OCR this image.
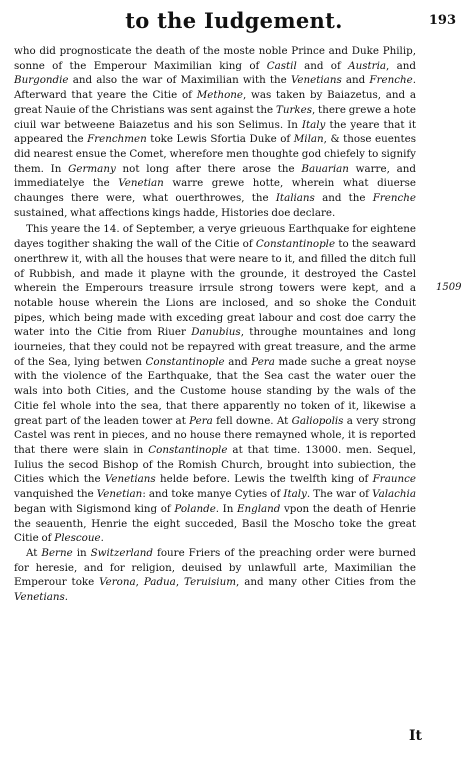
to the Iudgement.	193

who did prognosticate the death of the moste noble Prince and Duke Philip, sonne of the Emperour Maximilian king of Castil and of Austria, and Burgondie and also the war of Maximilian with the Venetians and Frenche. Afterward that yeare the Citie of Methone, was taken by Baiazetus, and a great Nauie of the Christians was sent against the Turkes, there grewe a hote ciuil war betweene Baiazetus and his son Selimus. In Italy the yeare that it appeared the Frenchmen toke Lewis Sfortia Duke of Milan, & those euentes did nearest ensue the Comet, wherefore men thoughte god chiefely to signify them. In Germany not long after there arose the Bauarian warre, and immediatelye the Venetian warre grewe hotte, wherein what diuerse chaunges there were, what ouerthrowes, the Italians and the Frenche sustained, what affections kings hadde, Histories doe declare.

This yeare the 14. of September, a verye grieuous Earthquake for eightene dayes togither shaking the wall of the Citie of Constantinople to the seaward onerthrew it, with all the houses that were neare to it, and filled the ditch full of Rubbish, and made it playne with the grounde, it destroyed the Castel wherein the Emperours treasure irrsule strong towers were kept, and a notable house wherein the Lions are inclosed, and so shoke the Conduit pipes, which being made with exceding great labour and cost doe carry the water into the Citie from Riuer Danubius, throughe mountaines and long iourneies, that they could not be repayred with great treasure, and the arme of the Sea, lying betwen Constantinople and Pera made suche a great noyse with the violence of the Earthquake, that the Sea cast the water ouer the wals into both Cities, and the Custome house standing by the wals of the Citie fel whole into the sea, that there apparently no token of it, likewise a great part of the leaden tower at Pera fell downe. At Galiopolis a very strong Castel was rent in pieces, and no house there remayned whole, it is reported that there were slain in Constantinople at that time. 13000. men. Sequel, Iulius the secod Bishop of the Romish Church, brought into subiection, the Cities which the Venetians helde before. Lewis the twelfth king of Fraunce vanquished the Venetian: and toke manye Cyties of Italy. The war of Valachia began with Sigismond king of Polande. In England vpon the death of Henrie the seauenth, Henrie the eight succeded, Basil the Moscho toke the great Citie of Plescoue.

At Berne in Switzerland foure Friers of the preaching order were burned for heresie, and for religion, deuised by unlawfull arte, Maximilian the Emperour toke Verona, Padua, Teruisium, and many other Cities from the Venetians.

1509
It
